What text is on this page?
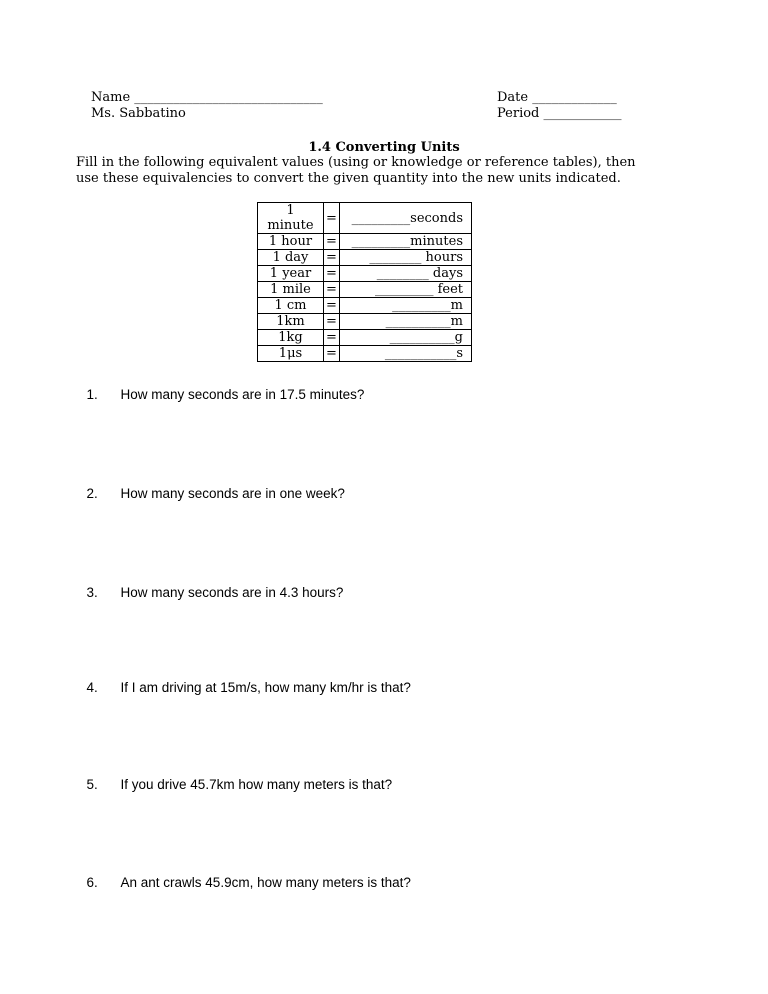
Name _____________________________
Ms. Sabbatino
Date _____________
Period ____________
1.4 Converting Units
Fill in the following equivalent values (using or knowledge or reference tables), then
use these equivalencies to convert the given quantity into the new units indicated.
1 minute	=	_________seconds
1 hour	=	_________minutes
1 day	=	________ hours
1 year	=	________ days
1 mile	=	_________ feet
1 cm	=	_________m
1km	=	__________m
1kg	=	__________g
1μs	=	___________s

1. How many seconds are in 17.5 minutes?

2. How many seconds are in one week?

3. How many seconds are in 4.3 hours?

4. If I am driving at 15m/s, how many km/hr is that?

5. If you drive 45.7km how many meters is that?

6. An ant crawls 45.9cm, how many meters is that?
